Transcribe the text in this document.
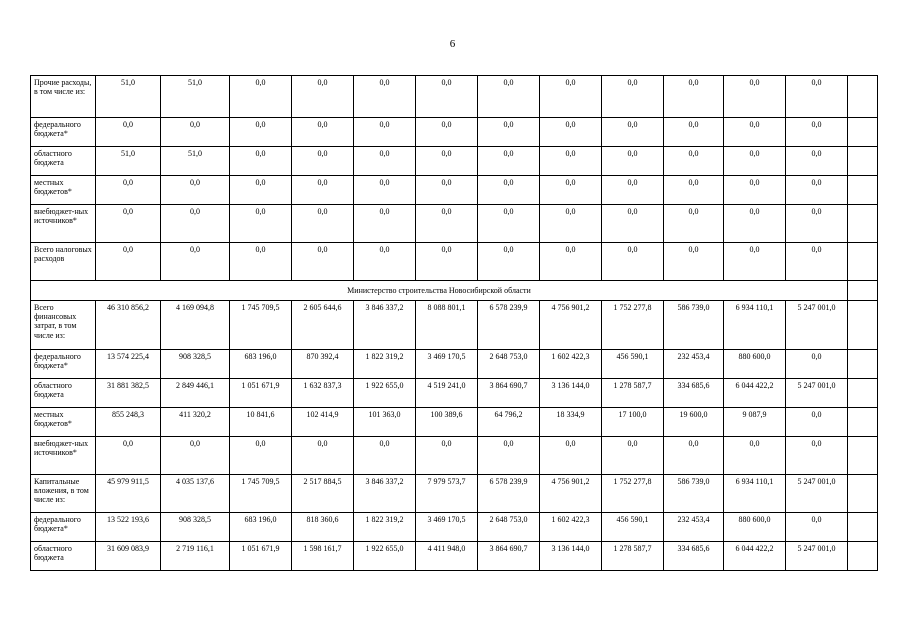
6
Прочие расходы, в том числе из:	51,0	51,0	0,0	0,0	0,0	0,0	0,0	0,0	0,0	0,0	0,0	0,0	
федерального бюджета*	0,0	0,0	0,0	0,0	0,0	0,0	0,0	0,0	0,0	0,0	0,0	0,0	
областного бюджета	51,0	51,0	0,0	0,0	0,0	0,0	0,0	0,0	0,0	0,0	0,0	0,0	
местных бюджетов*	0,0	0,0	0,0	0,0	0,0	0,0	0,0	0,0	0,0	0,0	0,0	0,0	
внебюджет-ных источников*	0,0	0,0	0,0	0,0	0,0	0,0	0,0	0,0	0,0	0,0	0,0	0,0	
Всего налоговых расходов	0,0	0,0	0,0	0,0	0,0	0,0	0,0	0,0	0,0	0,0	0,0	0,0	
Министерство строительства Новосибирской области													
Всего финансовых затрат, в том числе из:	46 310 856,2	4 169 094,8	1 745 709,5	2 605 644,6	3 846 337,2	8 088 801,1	6 578 239,9	4 756 901,2	1 752 277,8	586 739,0	6 934 110,1	5 247 001,0	
федерального бюджета*	13 574 225,4	908 328,5	683 196,0	870 392,4	1 822 319,2	3 469 170,5	2 648 753,0	1 602 422,3	456 590,1	232 453,4	880 600,0	0,0	
областного бюджета	31 881 382,5	2 849 446,1	1 051 671,9	1 632 837,3	1 922 655,0	4 519 241,0	3 864 690,7	3 136 144,0	1 278 587,7	334 685,6	6 044 422,2	5 247 001,0	
местных бюджетов*	855 248,3	411 320,2	10 841,6	102 414,9	101 363,0	100 389,6	64 796,2	18 334,9	17 100,0	19 600,0	9 087,9	0,0	
внебюджет-ных источников*	0,0	0,0	0,0	0,0	0,0	0,0	0,0	0,0	0,0	0,0	0,0	0,0	
Капитальные вложения, в том числе из:	45 979 911,5	4 035 137,6	1 745 709,5	2 517 884,5	3 846 337,2	7 979 573,7	6 578 239,9	4 756 901,2	1 752 277,8	586 739,0	6 934 110,1	5 247 001,0	
федерального бюджета*	13 522 193,6	908 328,5	683 196,0	818 360,6	1 822 319,2	3 469 170,5	2 648 753,0	1 602 422,3	456 590,1	232 453,4	880 600,0	0,0	
областного бюджета	31 609 083,9	2 719 116,1	1 051 671,9	1 598 161,7	1 922 655,0	4 411 948,0	3 864 690,7	3 136 144,0	1 278 587,7	334 685,6	6 044 422,2	5 247 001,0	
